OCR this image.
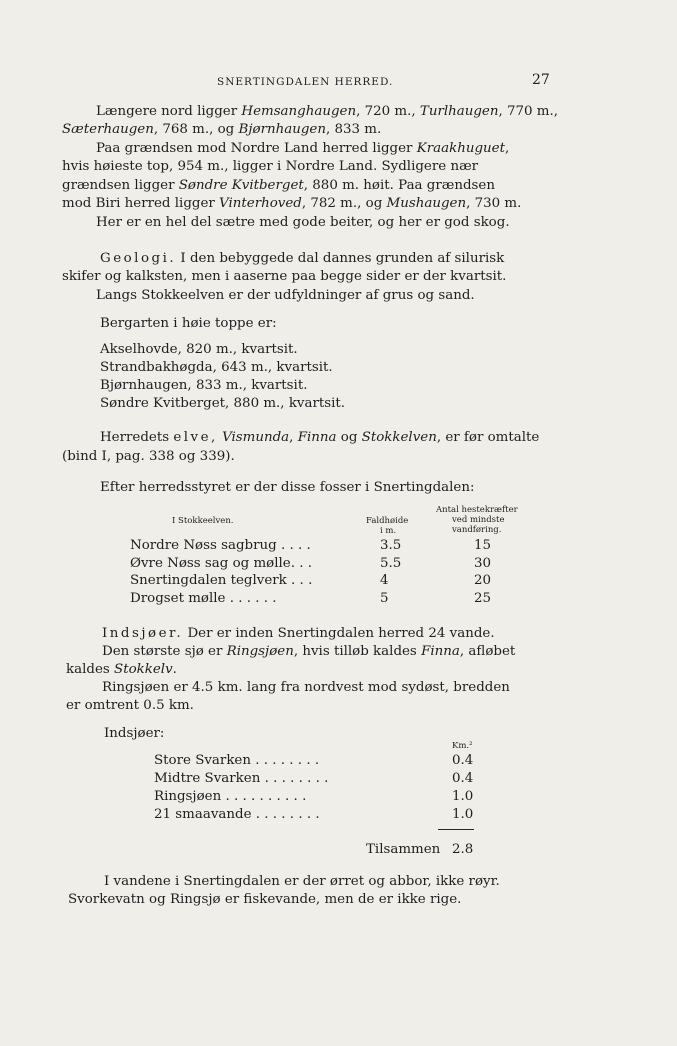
SNERTINGDALEN HERRED.	27
Længere nord ligger Hemsanghaugen, 720 m., Turlhaugen, 770 m.,
Sæterhaugen, 768 m., og Bjørnhaugen, 833 m.
Paa grændsen mod Nordre Land herred ligger Kraakhuguet,
hvis høieste top, 954 m., ligger i Nordre Land. Sydligere nær
grændsen ligger Søndre Kvitberget, 880 m. høit. Paa grændsen
mod Biri herred ligger Vinterhoved, 782 m., og Mushaugen, 730 m.
Her er en hel del sætre med gode beiter, og her er god skog.
Geologi. I den bebyggede dal dannes grunden af silurisk
skifer og kalksten, men i aaserne paa begge sider er der kvartsit.
Langs Stokkeelven er der udfyldninger af grus og sand.
Bergarten i høie toppe er:
Akselhovde, 820 m., kvartsit.
Strandbakhøgda, 643 m., kvartsit.
Bjørnhaugen, 833 m., kvartsit.
Søndre Kvitberget, 880 m., kvartsit.
Herredets elve, Vismunda, Finna og Stokkelven, er før omtalte
(bind I, pag. 338 og 339).
Efter herredsstyret er der disse fosser i Snertingdalen:
I Stokkeelven.	Faldhøide
i m.
Antal hestekræfter
ved mindste
vandføring.
Nordre Nøss sagbrug . . . .	3.5	15
Øvre Nøss sag og mølle. . .	5.5	30
Snertingdalen teglverk . . .	4	20
Drogset mølle . . . . . .	5	25
Indsjøer. Der er inden Snertingdalen herred 24 vande.
Den største sjø er Ringsjøen, hvis tilløb kaldes Finna, afløbet
kaldes Stokkelv.
Ringsjøen er 4.5 km. lang fra nordvest mod sydøst, bredden
er omtrent 0.5 km.
Indsjøer:
Km.²
Store Svarken . . . . . . . .	0.4
Midtre Svarken . . . . . . . .	0.4
Ringsjøen . . . . . . . . . .	1.0
21 smaavande . . . . . . . .	1.0
Tilsammen 2.8
I vandene i Snertingdalen er der ørret og abbor, ikke røyr.
Svorkevatn og Ringsjø er fiskevande, men de er ikke rige.
